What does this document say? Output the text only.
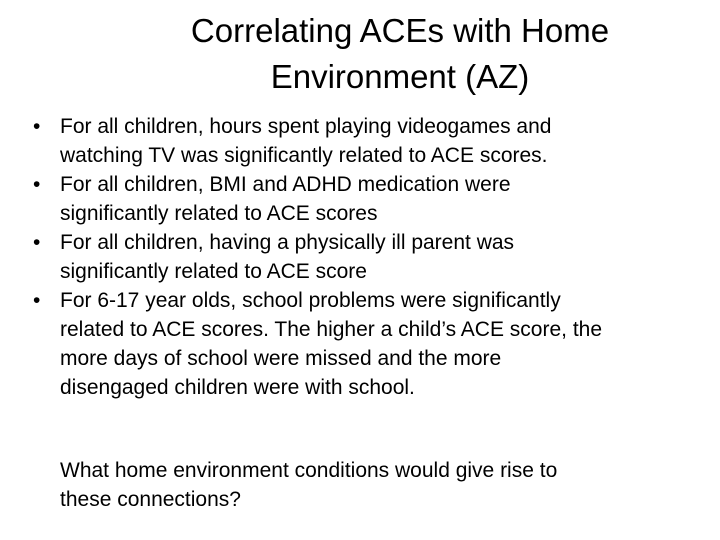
Correlating ACEs with Home
Environment (AZ)
• For all children, hours spent playing videogames and
watching TV was significantly related to ACE scores.
• For all children, BMI and ADHD medication were
significantly related to ACE scores
• For all children, having a physically ill parent was
significantly related to ACE score
• For 6-17 year olds, school problems were significantly
related to ACE scores. The higher a child’s ACE score, the
more days of school were missed and the more
disengaged children were with school.

What home environment conditions would give rise to
these connections?
